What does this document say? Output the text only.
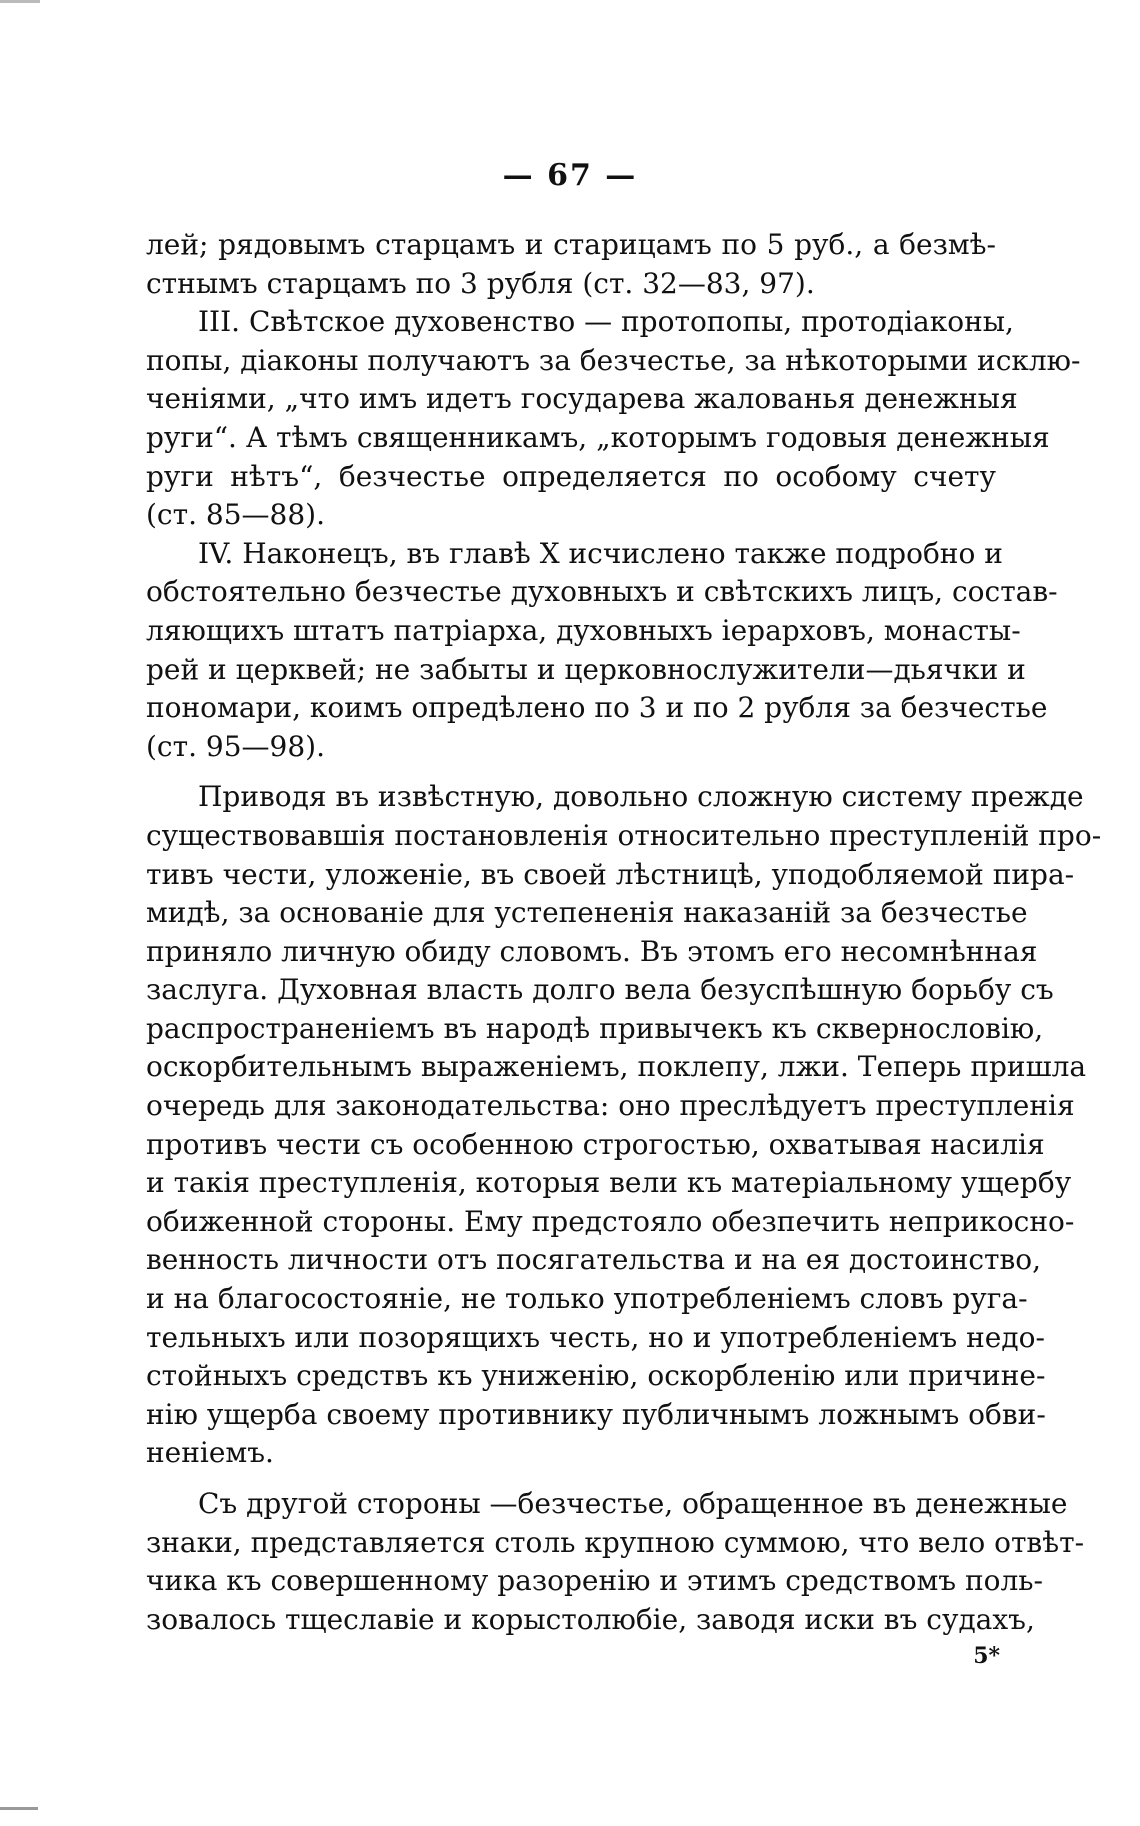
— 67 —
лей; рядовымъ старцамъ и старицамъ по 5 руб., а безмѣ-
стнымъ старцамъ по 3 рубля (ст. 32—83, 97).
III. Свѣтское духовенство — протопопы, протодіаконы,
попы, діаконы получаютъ за безчестье, за нѣкоторыми исклю-
ченіями, „что имъ идетъ государева жалованья денежныя
руги“. А тѣмъ священникамъ, „которымъ годовыя денежныя
руги нѣтъ“, безчестье определяется по особому счету
(ст. 85—88).
IV. Наконецъ, въ главѣ X исчислено также подробно и
обстоятельно безчестье духовныхъ и свѣтскихъ лицъ, состав-
ляющихъ штатъ патріарха, духовныхъ іерарховъ, монасты-
рей и церквей; не забыты и церковнослужители—дьячки и
пономари, коимъ опредѣлено по 3 и по 2 рубля за безчестье
(ст. 95—98).
Приводя въ извѣстную, довольно сложную систему прежде
существовавшія постановленія относительно преступленій про-
тивъ чести, уложеніе, въ своей лѣстницѣ, уподобляемой пира-
мидѣ, за основаніе для устепененія наказаній за безчестье
приняло личную обиду словомъ. Въ этомъ его несомнѣнная
заслуга. Духовная власть долго вела безуспѣшную борьбу съ
распространеніемъ въ народѣ привычекъ къ сквернословію,
оскорбительнымъ выраженіемъ, поклепу, лжи. Теперь пришла
очередь для законодательства: оно преслѣдуетъ преступленія
противъ чести съ особенною строгостью, охватывая насилія
и такія преступленія, которыя вели къ матеріальному ущербу
обиженной стороны. Ему предстояло обезпечить неприкосно-
венность личности отъ посягательства и на ея достоинство,
и на благосостояніе, не только употребленіемъ словъ руга-
тельныхъ или позорящихъ честь, но и употребленіемъ недо-
стойныхъ средствъ къ униженію, оскорбленію или причине-
нію ущерба своему противнику публичнымъ ложнымъ обви-
неніемъ.
Съ другой стороны —безчестье, обращенное въ денежные
знаки, представляется столь крупною суммою, что вело отвѣт-
чика къ совершенному разоренію и этимъ средствомъ поль-
зовалось тщеславіе и корыстолюбіе, заводя иски въ судахъ,
5*
